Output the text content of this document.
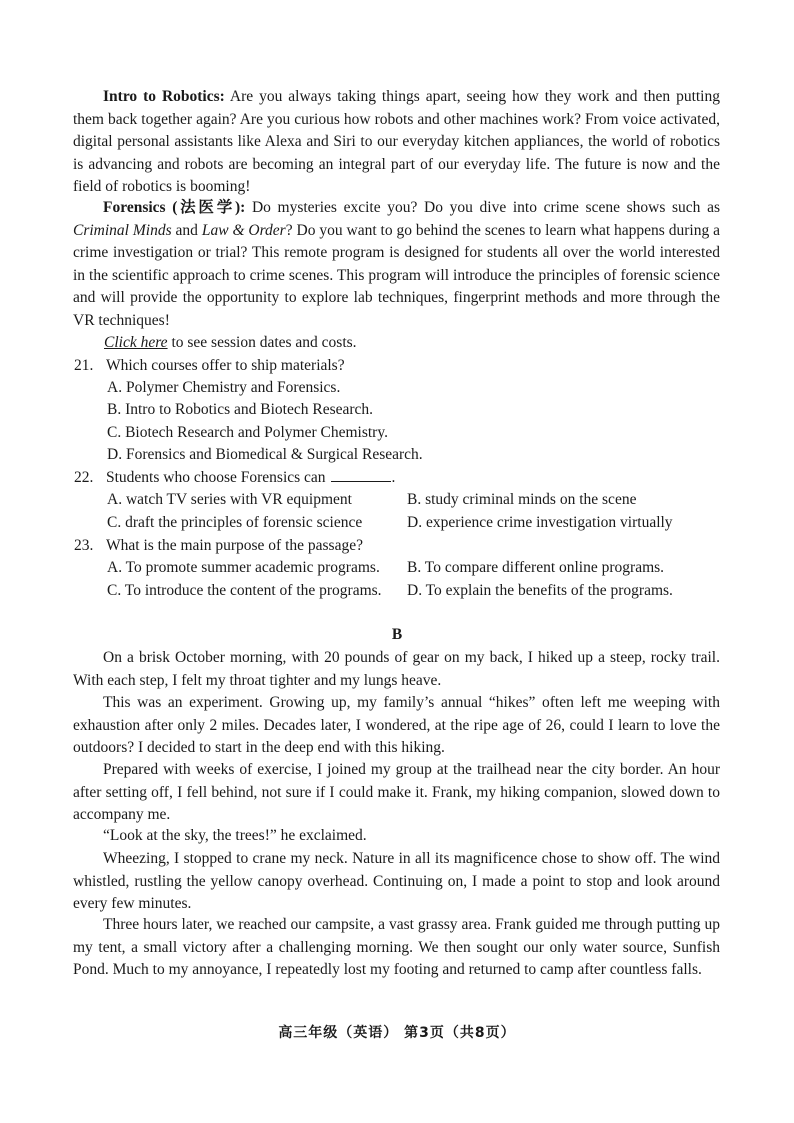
Intro to Robotics: Are you always taking things apart, seeing how they work and then putting them back together again? Are you curious how robots and other machines work? From voice activated, digital personal assistants like Alexa and Siri to our everyday kitchen appliances, the world of robotics is advancing and robots are becoming an integral part of our everyday life. The future is now and the field of robotics is booming!

Forensics (法医学): Do mysteries excite you? Do you dive into crime scene shows such as Criminal Minds and Law & Order? Do you want to go behind the scenes to learn what happens during a crime investigation or trial? This remote program is designed for students all over the world interested in the scientific approach to crime scenes. This program will introduce the principles of forensic science and will provide the opportunity to explore lab techniques, fingerprint methods and more through the VR techniques!

Click here to see session dates and costs.
21. Which courses offer to ship materials?
A. Polymer Chemistry and Forensics.
B. Intro to Robotics and Biotech Research.
C. Biotech Research and Polymer Chemistry.
D. Forensics and Biomedical & Surgical Research.
22. Students who choose Forensics can	.
A. watch TV series with VR equipment	B. study criminal minds on the scene
C. draft the principles of forensic science	D. experience crime investigation virtually
23. What is the main purpose of the passage?
A. To promote summer academic programs. B. To compare different online programs.
C. To introduce the content of the programs. D. To explain the benefits of the programs.
B

On a brisk October morning, with 20 pounds of gear on my back, I hiked up a steep, rocky trail. With each step, I felt my throat tighter and my lungs heave.

This was an experiment. Growing up, my family’s annual “hikes” often left me weeping with exhaustion after only 2 miles. Decades later, I wondered, at the ripe age of 26, could I learn to love the outdoors? I decided to start in the deep end with this hiking.

Prepared with weeks of exercise, I joined my group at the trailhead near the city border. An hour after setting off, I fell behind, not sure if I could make it. Frank, my hiking companion, slowed down to accompany me.

“Look at the sky, the trees!” he exclaimed.

Wheezing, I stopped to crane my neck. Nature in all its magnificence chose to show off. The wind whistled, rustling the yellow canopy overhead. Continuing on, I made a point to stop and look around every few minutes.

Three hours later, we reached our campsite, a vast grassy area. Frank guided me through putting up my tent, a small victory after a challenging morning. We then sought our only water source, Sunfish Pond. Much to my annoyance, I repeatedly lost my footing and returned to camp after countless falls.

高三年级（英语） 第3页（共8页）
